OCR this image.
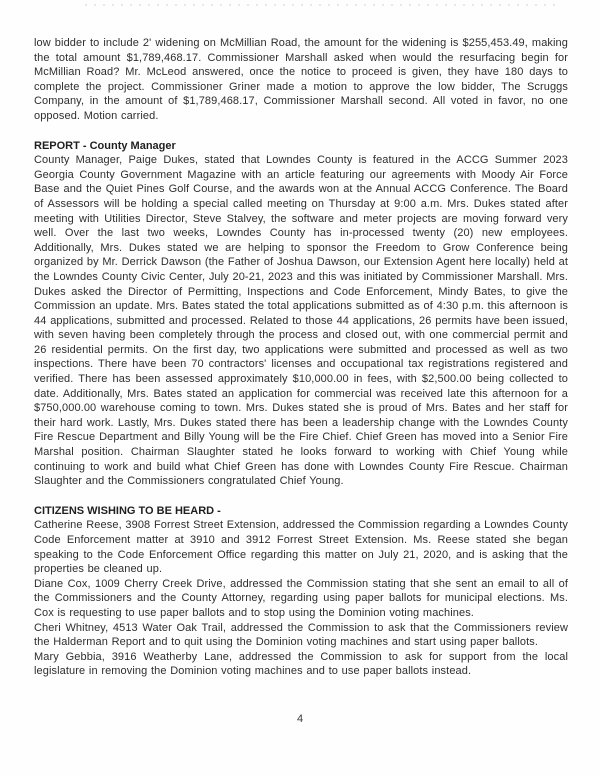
low bidder to include 2' widening on McMillian Road, the amount for the widening is $255,453.49, making the total amount $1,789,468.17. Commissioner Marshall asked when would the resurfacing begin for McMillian Road? Mr. McLeod answered, once the notice to proceed is given, they have 180 days to complete the project. Commissioner Griner made a motion to approve the low bidder, The Scruggs Company, in the amount of $1,789,468.17, Commissioner Marshall second. All voted in favor, no one opposed. Motion carried.

REPORT - County Manager

County Manager, Paige Dukes, stated that Lowndes County is featured in the ACCG Summer 2023 Georgia County Government Magazine with an article featuring our agreements with Moody Air Force Base and the Quiet Pines Golf Course, and the awards won at the Annual ACCG Conference. The Board of Assessors will be holding a special called meeting on Thursday at 9:00 a.m. Mrs. Dukes stated after meeting with Utilities Director, Steve Stalvey, the software and meter projects are moving forward very well. Over the last two weeks, Lowndes County has in-processed twenty (20) new employees. Additionally, Mrs. Dukes stated we are helping to sponsor the Freedom to Grow Conference being organized by Mr. Derrick Dawson (the Father of Joshua Dawson, our Extension Agent here locally) held at the Lowndes County Civic Center, July 20-21, 2023 and this was initiated by Commissioner Marshall. Mrs. Dukes asked the Director of Permitting, Inspections and Code Enforcement, Mindy Bates, to give the Commission an update. Mrs. Bates stated the total applications submitted as of 4:30 p.m. this afternoon is 44 applications, submitted and processed. Related to those 44 applications, 26 permits have been issued, with seven having been completely through the process and closed out, with one commercial permit and 26 residential permits. On the first day, two applications were submitted and processed as well as two inspections. There have been 70 contractors' licenses and occupational tax registrations registered and verified. There has been assessed approximately $10,000.00 in fees, with $2,500.00 being collected to date. Additionally, Mrs. Bates stated an application for commercial was received late this afternoon for a $750,000.00 warehouse coming to town. Mrs. Dukes stated she is proud of Mrs. Bates and her staff for their hard work. Lastly, Mrs. Dukes stated there has been a leadership change with the Lowndes County Fire Rescue Department and Billy Young will be the Fire Chief. Chief Green has moved into a Senior Fire Marshal position. Chairman Slaughter stated he looks forward to working with Chief Young while continuing to work and build what Chief Green has done with Lowndes County Fire Rescue. Chairman Slaughter and the Commissioners congratulated Chief Young.

CITIZENS WISHING TO BE HEARD -

Catherine Reese, 3908 Forrest Street Extension, addressed the Commission regarding a Lowndes County Code Enforcement matter at 3910 and 3912 Forrest Street Extension. Ms. Reese stated she began speaking to the Code Enforcement Office regarding this matter on July 21, 2020, and is asking that the properties be cleaned up.

Diane Cox, 1009 Cherry Creek Drive, addressed the Commission stating that she sent an email to all of the Commissioners and the County Attorney, regarding using paper ballots for municipal elections. Ms. Cox is requesting to use paper ballots and to stop using the Dominion voting machines.

Cheri Whitney, 4513 Water Oak Trail, addressed the Commission to ask that the Commissioners review the Halderman Report and to quit using the Dominion voting machines and start using paper ballots.

Mary Gebbia, 3916 Weatherby Lane, addressed the Commission to ask for support from the local legislature in removing the Dominion voting machines and to use paper ballots instead.

4
